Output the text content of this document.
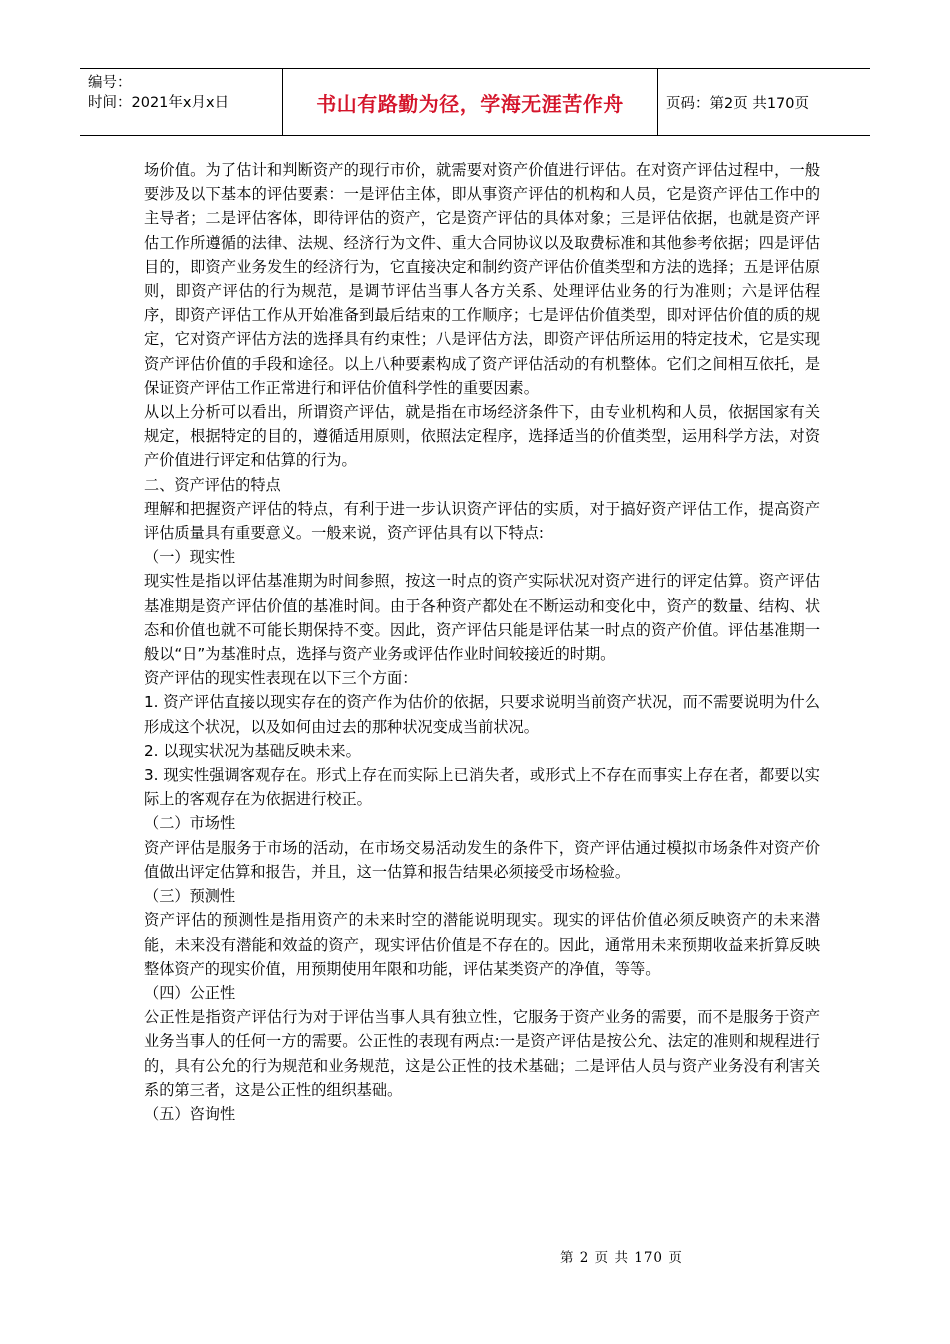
编号：
时间：2021年x月x日	书山有路勤为径，学海无涯苦作舟	页码：第2页 共170页

场价值。为了估计和判断资产的现行市价，就需要对资产价值进行评估。在对资产评估过程中，一般要涉及以下基本的评估要素：一是评估主体，即从事资产评估的机构和人员，它是资产评估工作中的主导者；二是评估客体，即待评估的资产，它是资产评估的具体对象；三是评估依据，也就是资产评估工作所遵循的法律、法规、经济行为文件、重大合同协议以及取费标准和其他参考依据；四是评估目的，即资产业务发生的经济行为，它直接决定和制约资产评估价值类型和方法的选择；五是评估原则，即资产评估的行为规范，是调节评估当事人各方关系、处理评估业务的行为准则；六是评估程序，即资产评估工作从开始准备到最后结束的工作顺序；七是评估价值类型，即对评估价值的质的规定，它对资产评估方法的选择具有约束性；八是评估方法，即资产评估所运用的特定技术，它是实现资产评估价值的手段和途径。以上八种要素构成了资产评估活动的有机整体。它们之间相互依托，是保证资产评估工作正常进行和评估价值科学性的重要因素。

从以上分析可以看出，所谓资产评估，就是指在市场经济条件下，由专业机构和人员，依据国家有关规定，根据特定的目的，遵循适用原则，依照法定程序，选择适当的价值类型，运用科学方法，对资产价值进行评定和估算的行为。

二、资产评估的特点

理解和把握资产评估的特点，有利于进一步认识资产评估的实质，对于搞好资产评估工作，提高资产评估质量具有重要意义。一般来说，资产评估具有以下特点:

（一）现实性

现实性是指以评估基准期为时间参照，按这一时点的资产实际状况对资产进行的评定估算。资产评估基准期是资产评估价值的基准时间。由于各种资产都处在不断运动和变化中，资产的数量、结构、状态和价值也就不可能长期保持不变。因此，资产评估只能是评估某一时点的资产价值。评估基准期一般以“日”为基准时点，选择与资产业务或评估作业时间较接近的时期。

资产评估的现实性表现在以下三个方面：

1. 资产评估直接以现实存在的资产作为估价的依据，只要求说明当前资产状况，而不需要说明为什么形成这个状况，以及如何由过去的那种状况变成当前状况。

2. 以现实状况为基础反映未来。

3. 现实性强调客观存在。形式上存在而实际上已消失者，或形式上不存在而事实上存在者，都要以实际上的客观存在为依据进行校正。

（二）市场性

资产评估是服务于市场的活动，在市场交易活动发生的条件下，资产评估通过模拟市场条件对资产价值做出评定估算和报告，并且，这一估算和报告结果必须接受市场检验。

（三）预测性

资产评估的预测性是指用资产的未来时空的潜能说明现实。现实的评估价值必须反映资产的未来潜能，未来没有潜能和效益的资产，现实评估价值是不存在的。因此，通常用未来预期收益来折算反映整体资产的现实价值，用预期使用年限和功能，评估某类资产的净值，等等。

（四）公正性

公正性是指资产评估行为对于评估当事人具有独立性，它服务于资产业务的需要，而不是服务于资产业务当事人的任何一方的需要。公正性的表现有两点:一是资产评估是按公允、法定的准则和规程进行的，具有公允的行为规范和业务规范，这是公正性的技术基础；二是评估人员与资产业务没有利害关系的第三者，这是公正性的组织基础。

（五）咨询性

第 2 页 共 170 页
